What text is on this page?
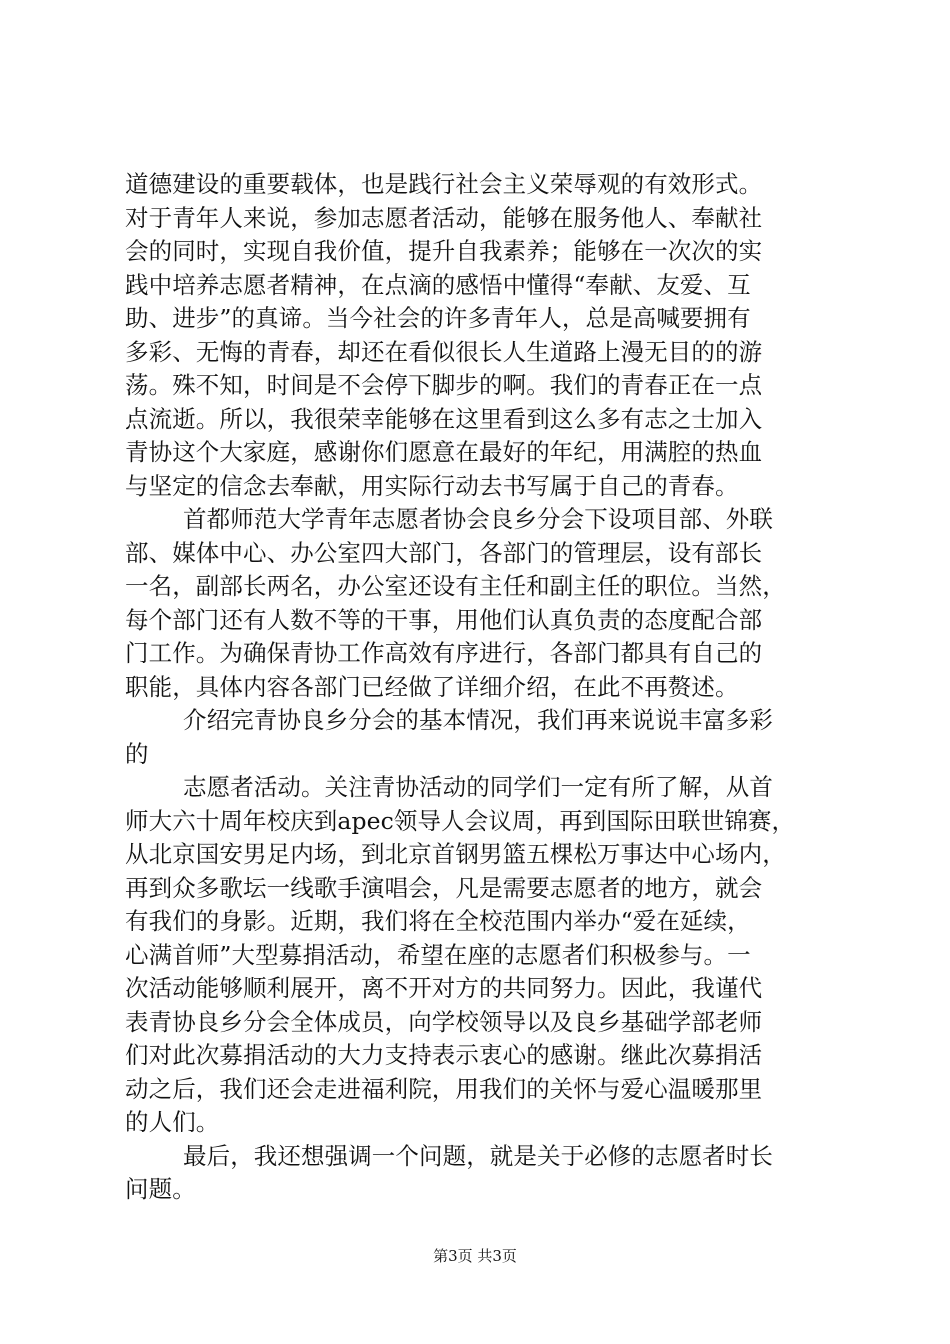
道德建设的重要载体，也是践行社会主义荣辱观的有效形式。
对于青年人来说，参加志愿者活动，能够在服务他人、奉献社
会的同时，实现自我价值，提升自我素养；能够在一次次的实
践中培养志愿者精神，在点滴的感悟中懂得“奉献、友爱、互
助、进步”的真谛。当今社会的许多青年人，总是高喊要拥有
多彩、无悔的青春，却还在看似很长人生道路上漫无目的的游
荡。殊不知，时间是不会停下脚步的啊。我们的青春正在一点
点流逝。所以，我很荣幸能够在这里看到这么多有志之士加入
青协这个大家庭，感谢你们愿意在最好的年纪，用满腔的热血
与坚定的信念去奉献，用实际行动去书写属于自己的青春。
首都师范大学青年志愿者协会良乡分会下设项目部、外联
部、媒体中心、办公室四大部门，各部门的管理层，设有部长
一名，副部长两名，办公室还设有主任和副主任的职位。当然，
每个部门还有人数不等的干事，用他们认真负责的态度配合部
门工作。为确保青协工作高效有序进行，各部门都具有自己的
职能，具体内容各部门已经做了详细介绍，在此不再赘述。
介绍完青协良乡分会的基本情况，我们再来说说丰富多彩
的
志愿者活动。关注青协活动的同学们一定有所了解，从首
师大六十周年校庆到apec领导人会议周，再到国际田联世锦赛，
从北京国安男足内场，到北京首钢男篮五棵松万事达中心场内，
再到众多歌坛一线歌手演唱会，凡是需要志愿者的地方，就会
有我们的身影。近期，我们将在全校范围内举办“爱在延续，
心满首师”大型募捐活动，希望在座的志愿者们积极参与。一
次活动能够顺利展开，离不开对方的共同努力。因此，我谨代
表青协良乡分会全体成员，向学校领导以及良乡基础学部老师
们对此次募捐活动的大力支持表示衷心的感谢。继此次募捐活
动之后，我们还会走进福利院，用我们的关怀与爱心温暖那里
的人们。
最后，我还想强调一个问题，就是关于必修的志愿者时长
问题。
第3页 共3页
